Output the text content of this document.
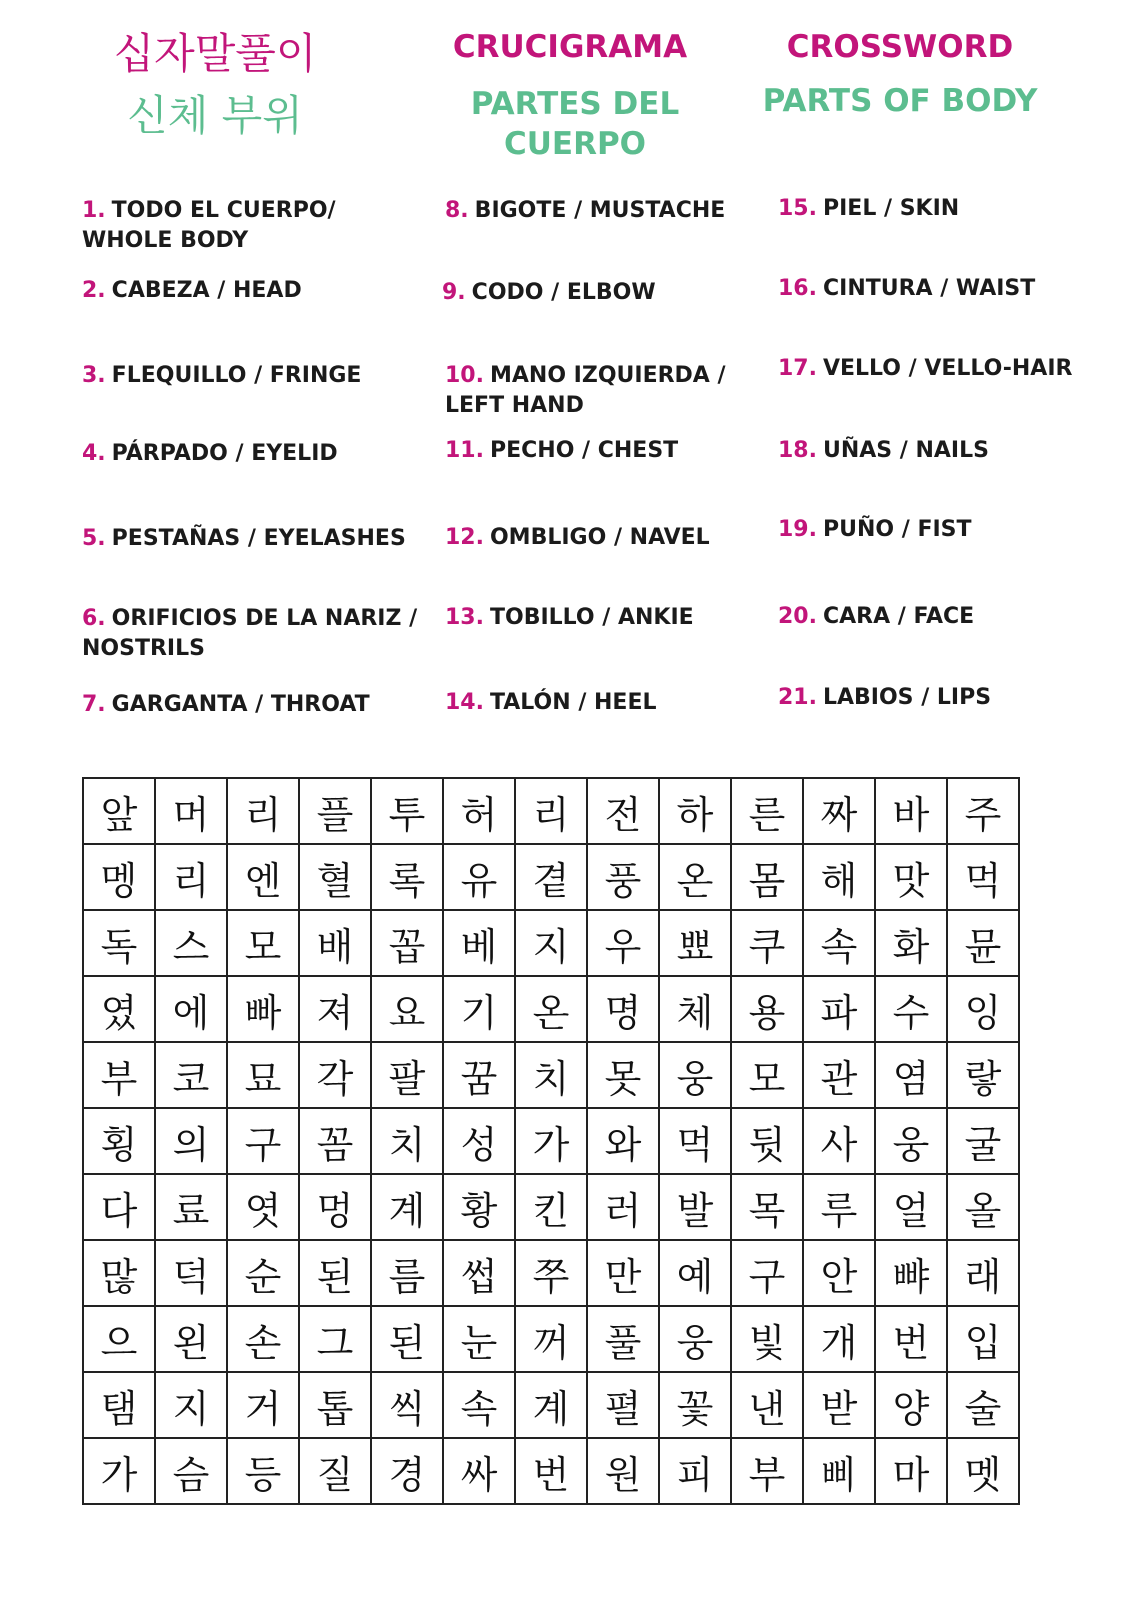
십자말풀이
신체 부위
CRUCIGRAMA
PARTES DEL
CUERPO
CROSSWORD
PARTS OF BODY
1. TODO EL CUERPO/
WHOLE BODY
2. CABEZA / HEAD
3. FLEQUILLO / FRINGE
4. PÁRPADO / EYELID
5. PESTAÑAS / EYELASHES
6. ORIFICIOS DE LA NARIZ /
NOSTRILS
7. GARGANTA / THROAT
8. BIGOTE / MUSTACHE
9. CODO / ELBOW
10. MANO IZQUIERDA /
LEFT HAND
11. PECHO / CHEST
12. OMBLIGO / NAVEL
13. TOBILLO / ANKIE
14. TALÓN / HEEL
15. PIEL / SKIN
16. CINTURA / WAIST
17. VELLO / VELLO-HAIR
18. UÑAS / NAILS
19. PUÑO / FIST
20. CARA / FACE
21. LABIOS / LIPS
앞	머	리	플	투	허	리	전	하	른	짜	바	주
멩	리	엔	혈	록	유	곁	풍	온	몸	해	맛	먹
독	스	모	배	꼽	베	지	우	뾰	쿠	속	화	뮨
였	에	빠	져	요	기	온	명	체	용	파	수	잉
부	코	묘	각	팔	꿈	치	못	웅	모	관	염	랗
횡	의	구	꼼	치	성	가	와	먹	뒷	사	웅	굴
다	료	엿	멍	계	황	킨	러	발	목	루	얼	올
많	덕	순	된	름	썹	쭈	만	예	구	안	뺘	래
으	왼	손	그	된	눈	꺼	풀	웅	빛	개	번	입
탬	지	거	톱	씩	속	계	펼	꽃	낸	받	양	술
가	슴	등	질	경	싸	번	원	피	부	삐	마	멧
